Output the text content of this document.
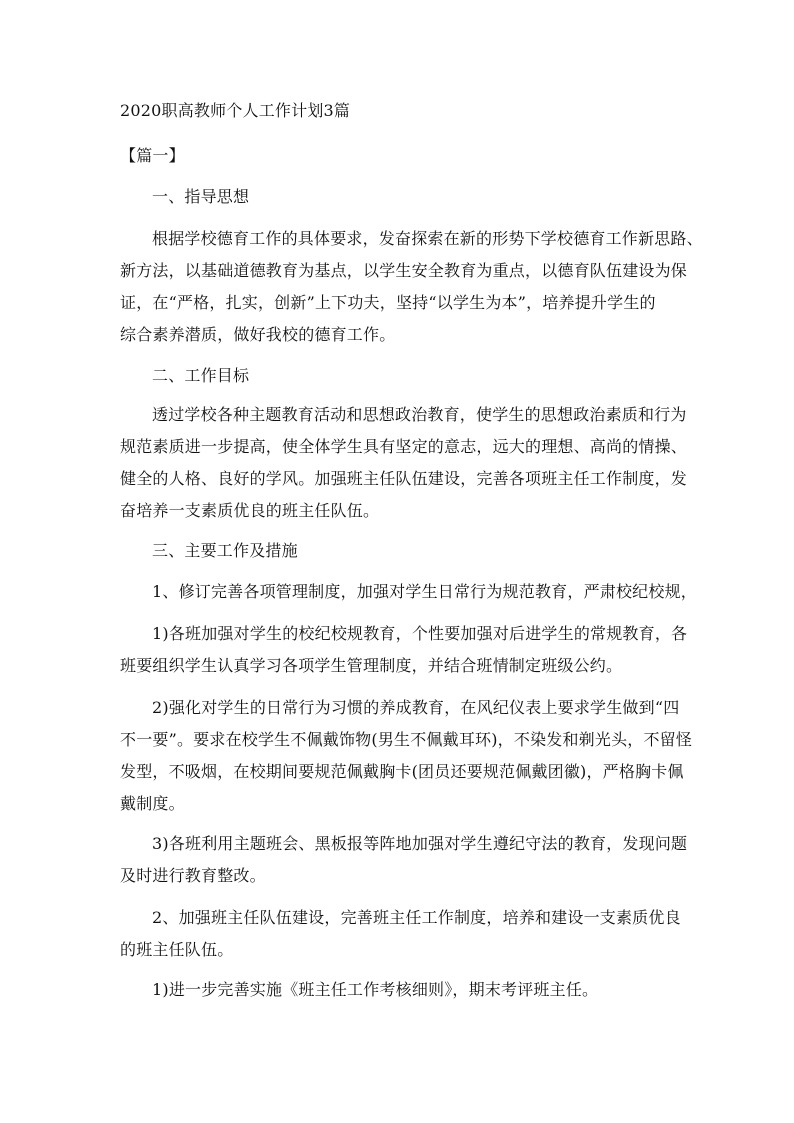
2020职高教师个人工作计划3篇
【篇一】
一、指导思想
根据学校德育工作的具体要求，发奋探索在新的形势下学校德育工作新思路、
新方法，以基础道德教育为基点，以学生安全教育为重点，以德育队伍建设为保
证，在“严格，扎实，创新”上下功夫，坚持“以学生为本”，培养提升学生的
综合素养潜质，做好我校的德育工作。
二、工作目标
透过学校各种主题教育活动和思想政治教育，使学生的思想政治素质和行为
规范素质进一步提高，使全体学生具有坚定的意志，远大的理想、高尚的情操、
健全的人格、良好的学风。加强班主任队伍建设，完善各项班主任工作制度，发
奋培养一支素质优良的班主任队伍。
三、主要工作及措施
1、修订完善各项管理制度，加强对学生日常行为规范教育，严肃校纪校规，
1)各班加强对学生的校纪校规教育，个性要加强对后进学生的常规教育，各
班要组织学生认真学习各项学生管理制度，并结合班情制定班级公约。
2)强化对学生的日常行为习惯的养成教育，在风纪仪表上要求学生做到“四
不一要”。要求在校学生不佩戴饰物(男生不佩戴耳环)，不染发和剃光头，不留怪
发型，不吸烟，在校期间要规范佩戴胸卡(团员还要规范佩戴团徽)，严格胸卡佩
戴制度。
3)各班利用主题班会、黑板报等阵地加强对学生遵纪守法的教育，发现问题
及时进行教育整改。
2、加强班主任队伍建设，完善班主任工作制度，培养和建设一支素质优良
的班主任队伍。
1)进一步完善实施《班主任工作考核细则》，期末考评班主任。
